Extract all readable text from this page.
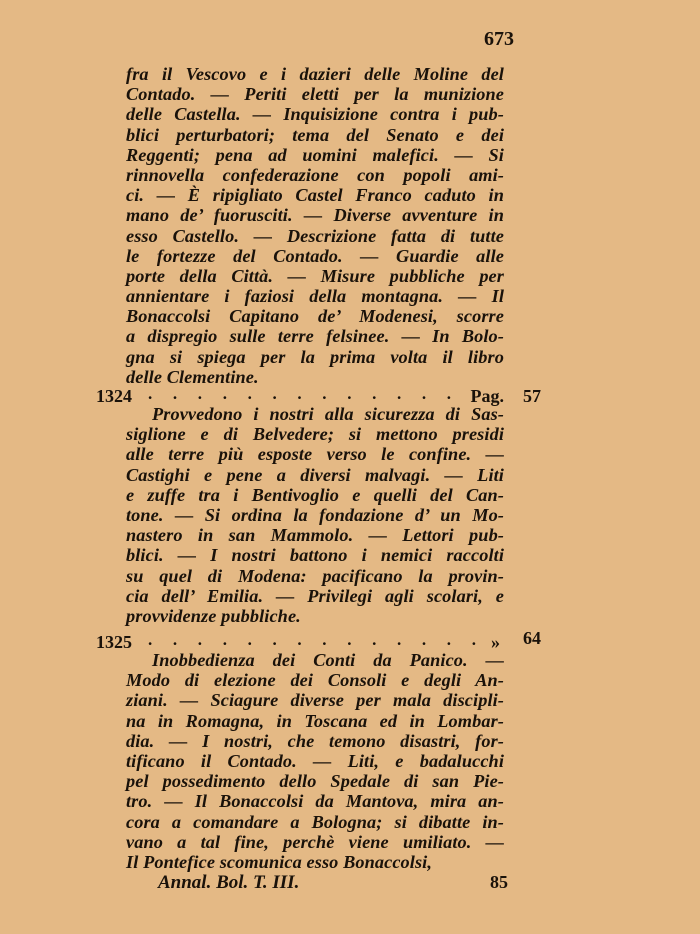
673
fra il Vescovo e i dazieri delle Moline del
Contado. — Periti eletti per la munizione
delle Castella. — Inquisizione contra i pub-
blici perturbatori; tema del Senato e dei
Reggenti; pena ad uomini malefici. — Si
rinnovella confederazione con popoli ami-
ci. — È ripigliato Castel Franco caduto in
mano de’ fuorusciti. — Diverse avventure in
esso Castello. — Descrizione fatta di tutte
le fortezze del Contado. — Guardie alle
porte della Città. — Misure pubbliche per
annientare i faziosi della montagna. — Il
Bonaccolsi Capitano de’ Modenesi, scorre
a dispregio sulle terre felsinee. — In Bolo-
gna si spiega per la prima volta il libro
delle Clementine.
1324 . . . . . . . . . . . . . Pag. 57
Provvedono i nostri alla sicurezza di Sas-
siglione e di Belvedere; si mettono presidi
alle terre più esposte verso le confine. —
Castighi e pene a diversi malvagi. — Liti
e zuffe tra i Bentivoglio e quelli del Can-
tone. — Si ordina la fondazione d’ un Mo-
nastero in san Mammolo. — Lettori pub-
blici. — I nostri battono i nemici raccolti
su quel di Modena: pacificano la provin-
cia dell’ Emilia. — Privilegi agli scolari, e
provvidenze pubbliche.
1325 . . . . . . . . . . . . . . » 64
Inobbedienza dei Conti da Panico. —
Modo di elezione dei Consoli e degli An-
ziani. — Sciagure diverse per mala discipli-
na in Romagna, in Toscana ed in Lombar-
dia. — I nostri, che temono disastri, for-
tificano il Contado. — Liti, e badalucchi
pel possedimento dello Spedale di san Pie-
tro. — Il Bonaccolsi da Mantova, mira an-
cora a comandare a Bologna; si dibatte in-
vano a tal fine, perchè viene umiliato. —
Il Pontefice scomunica esso Bonaccolsi,
Annal. Bol. T. III.	85
